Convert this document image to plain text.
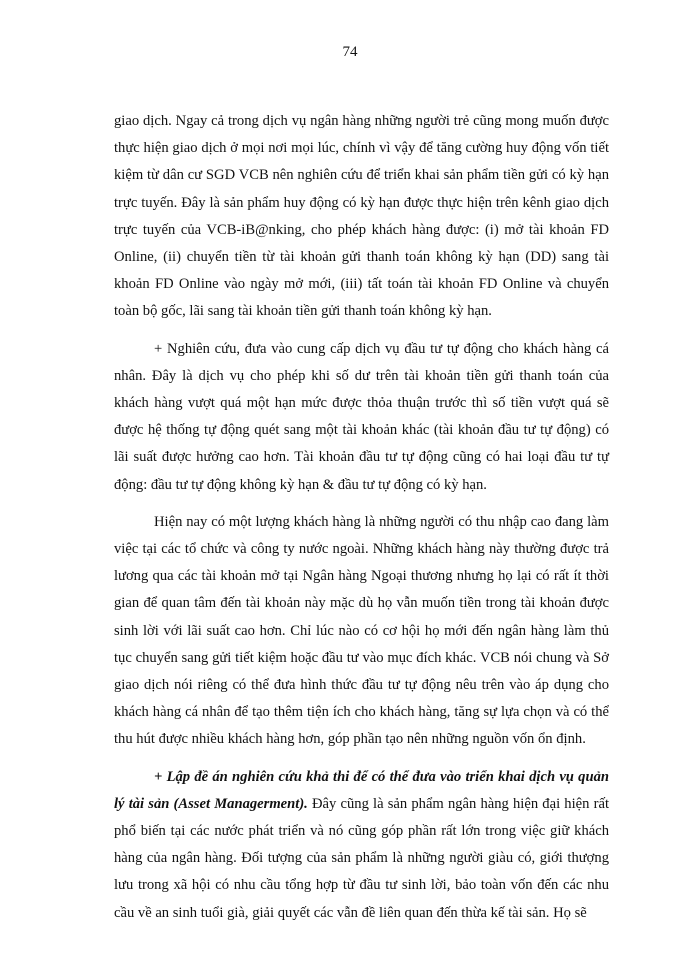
74

giao dịch. Ngay cả trong dịch vụ ngân hàng những người trẻ cũng mong muốn được thực hiện giao dịch ở mọi nơi mọi lúc, chính vì vậy để tăng cường huy động vốn tiết kiệm từ dân cư SGD VCB nên nghiên cứu để triển khai sản phẩm tiền gửi có kỳ hạn trực tuyến. Đây là sản phẩm huy động có kỳ hạn được thực hiện trên kênh giao dịch trực tuyến của VCB-iB@nking, cho phép khách hàng được: (i) mở tài khoản FD Online, (ii) chuyển tiền từ tài khoản gửi thanh toán không kỳ hạn (DD) sang tài khoản FD Online vào ngày mở mới, (iii) tất toán tài khoản FD Online và chuyển toàn bộ gốc, lãi sang tài khoản tiền gửi thanh toán không kỳ hạn.

+ Nghiên cứu, đưa vào cung cấp dịch vụ đầu tư tự động cho khách hàng cá nhân. Đây là dịch vụ cho phép khi số dư trên tài khoản tiền gửi thanh toán của khách hàng vượt quá một hạn mức được thỏa thuận trước thì số tiền vượt quá sẽ được hệ thống tự động quét sang một tài khoản khác (tài khoản đầu tư tự động) có lãi suất được hưởng cao hơn. Tài khoản đầu tư tự động cũng có hai loại đầu tư tự động: đầu tư tự động không kỳ hạn & đầu tư tự động có kỳ hạn.

Hiện nay có một lượng khách hàng là những người có thu nhập cao đang làm việc tại các tổ chức và công ty nước ngoài. Những khách hàng này thường được trả lương qua các tài khoản mở tại Ngân hàng Ngoại thương nhưng họ lại có rất ít thời gian để quan tâm đến tài khoản này mặc dù họ vẫn muốn tiền trong tài khoản được sinh lời với lãi suất cao hơn. Chỉ lúc nào có cơ hội họ mới đến ngân hàng làm thủ tục chuyển sang gửi tiết kiệm hoặc đầu tư vào mục đích khác. VCB nói chung và Sở giao dịch nói riêng có thể đưa hình thức đầu tư tự động nêu trên vào áp dụng cho khách hàng cá nhân để tạo thêm tiện ích cho khách hàng, tăng sự lựa chọn và có thể thu hút được nhiều khách hàng hơn, góp phần tạo nên những nguồn vốn ổn định.

+ Lập đề án nghiên cứu khả thi để có thể đưa vào triển khai dịch vụ quản lý tài sản (Asset Managerment). Đây cũng là sản phẩm ngân hàng hiện đại hiện rất phổ biến tại các nước phát triển và nó cũng góp phần rất lớn trong việc giữ khách hàng của ngân hàng. Đối tượng của sản phẩm là những người giàu có, giới thượng lưu trong xã hội có nhu cầu tổng hợp từ đầu tư sinh lời, bảo toàn vốn đến các nhu cầu về an sinh tuổi già, giải quyết các vẫn đề liên quan đến thừa kế tài sản. Họ sẽ
